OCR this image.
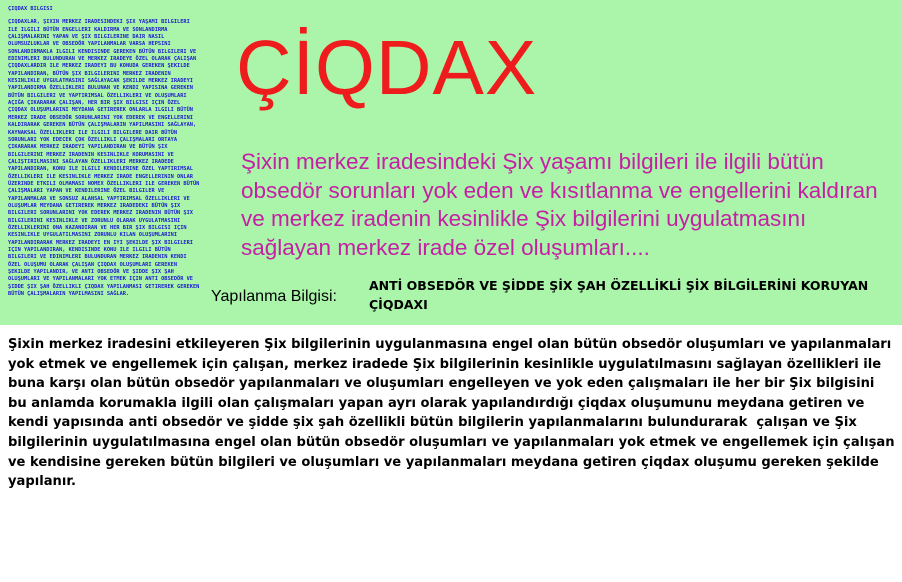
ÇIQDAX BILGISI
ÇIQDAXLAR, ŞIXIN MERKEZ IRADESINDEKI ŞIX YAŞAMI BILGILERI ILE ILGILI BÜTÜN ENGELLERI KALDIRMA VE SONLANDIRMA ÇALIŞMALARINI YAPAN VE ŞIX BILGILERINE DAIR NASIL OLUMSUZLUKLAR VE OBSEDÖR YAPILANMALAR VARSA HEPSINI SONLANDIRMAKLA ILGILI KENDISINDE GEREKEN BÜTÜN BILGILERI VE EDINIMLERI BULUNDURAN VE MERKEZ IRADEYE ÖZEL OLARAK ÇALIŞAN ÇIQDAXLARDIR ILE MERKEZ IRADEYI BU KONUDA GEREKEN ŞEKILDE YAPILANDIRAN, BÜTÜN ŞIX BILGILERINI MERKEZ IRADENIN KESINLIKLE UYGULATMASINI SAĞLAYACAK ŞEKILDE MERKEZ IRADEYI YAPILANDIRMA ÖZELLIKLERI BULUNAN VE KENDI YAPISINA GEREKEN BÜTÜN BILGILERI VE YAPTIRIMSAL ÖZELLIKLERI VE OLUŞUMLARI AÇIĞA ÇIKARARAK ÇALIŞAN, HER BIR ŞIX BILGISI IÇIN ÖZEL ÇIQDAX OLUŞUMLARINI MEYDANA GETIREREK ONLARLA ILGILI BÜTÜN MERKEZ IRADE OBSEDÖR SORUNLARINI YOK EDEREK VE ENGELLERINI KALDIRARAK GEREKEN BÜTÜN ÇALIŞMALARIN YAPILMASINI SAĞLAYAN, KAYNAKSAL ÖZELLIKLERI ILE ILGILI BILGILERE DAIR BÜTÜN SORUNLARI YOK EDECEK ÇOK ÖZELLIKLI ÇALIŞMALARI ORTAYA ÇIKARARAK MERKEZ IRADEYI YAPILANDIRAN VE BÜTÜN ŞIX BILGILERINI MERKEZ IRADENIN KESINLIKLE KORUMASINI VE ÇALIŞTIRILMASINI SAĞLAYAN ÖZELLIKLERI MERKEZ IRADEDE YAPILANDIRAN, KONU ILE ILGILI KENDILERINE ÖZEL YAPTIRIMSAL ÖZELLIKLERI ILE KESINLIKLE MERKEZ IRADE ENGELLERININ ONLAR ÜZERINDE ETKILI OLMAMASI NOMEX ÖZELLIKLERI ILE GEREKEN BÜTÜN ÇALIŞMALARI YAPAN VE KENDILERINE ÖZEL BILGILER VE YAPILANMALAR VE SONSUZ ALANSAL YAPTIRIMSAL ÖZELLIKLERI VE OLUŞUMLAR MEYDANA GETIREREK MERKEZ IRADEDEKI BÜTÜN ŞIX BILGILERI SORUNLARINI YOK EDEREK MERKEZ IRADENIN BÜTÜN ŞIX BILGILERINI KESINLIKLE VE ZORUNLU OLARAK UYGULATMASINI ÖZELLIKLERINI ONA KAZANDIRAN VE HER BIR ŞIX BILGISI IÇIN KESINLIKLE UYGULATILMASINI ZORUNLU KILAN OLUŞUMLARINI YAPILANDIRARAK MERKEZ IRADEYI EN IYI ŞEKILDE ŞIX BILGILERI IÇIN YAPILANDIRAN, KENDISINDE KONU ILE ILGILI BÜTÜN BILGILERI VE EDINIMLERI BULUNDURAN MERKEZ IRADENIN KENDI ÖZEL OLUŞUMU OLARAK ÇALIŞAN ÇIQDAX OLUŞUMLARI GEREKEN ŞEKILDE YAPILANDIR, VE ANTI OBSEDÖR VE ŞIDDE ŞIX ŞAH OLUŞUMLARI VE YAPILANMALARI YOK ETMEK IÇIN ANTI OBSEDÖR VE ŞIDDE ŞIX ŞAH ÖZELLIKLI ÇIQDAX YAPILANMASI GETIREREK GEREKEN BÜTÜN ÇALIŞMALARIN YAPILMASINI SAĞLAR.
ÇİQDAX

Şixin merkez iradesindeki Şix yaşamı bilgileri ile ilgili bütün obsedör sorunları yok eden ve kısıtlanma ve engellerini kaldıran ve merkez iradenin kesinlikle Şix bilgilerini uygulatmasını sağlayan merkez irade özel oluşumları....

Yapılanma Bilgisi:
ANTİ OBSEDÖR VE ŞİDDE ŞİX ŞAH ÖZELLİKLİ ŞİX BİLGİLERİNİ KORUYAN ÇİQDAXI

Şixin merkez iradesini etkileyeren Şix bilgilerinin uygulanmasına engel olan bütün obsedör oluşumları ve yapılanmaları yok etmek ve engellemek için çalışan, merkez iradede Şix bilgilerinin kesinlikle uygulatılmasını sağlayan özellikleri ile buna karşı olan bütün obsedör yapılanmaları ve oluşumları engelleyen ve yok eden çalışmaları ile her bir Şix bilgisini bu anlamda korumakla ilgili olan çalışmaları yapan ayrı olarak yapılandırdığı çiqdax oluşumunu meydana getiren ve kendi yapısında anti obsedör ve şidde şix şah özellikli bütün bilgilerin yapılanmalarını bulundurarak  çalışan ve Şix bilgilerinin uygulatılmasına engel olan bütün obsedör oluşumları ve yapılanmaları yok etmek ve engellemek için çalışan ve kendisine gereken bütün bilgileri ve oluşumları ve yapılanmaları meydana getiren çiqdax oluşumu gereken şekilde yapılanır.
